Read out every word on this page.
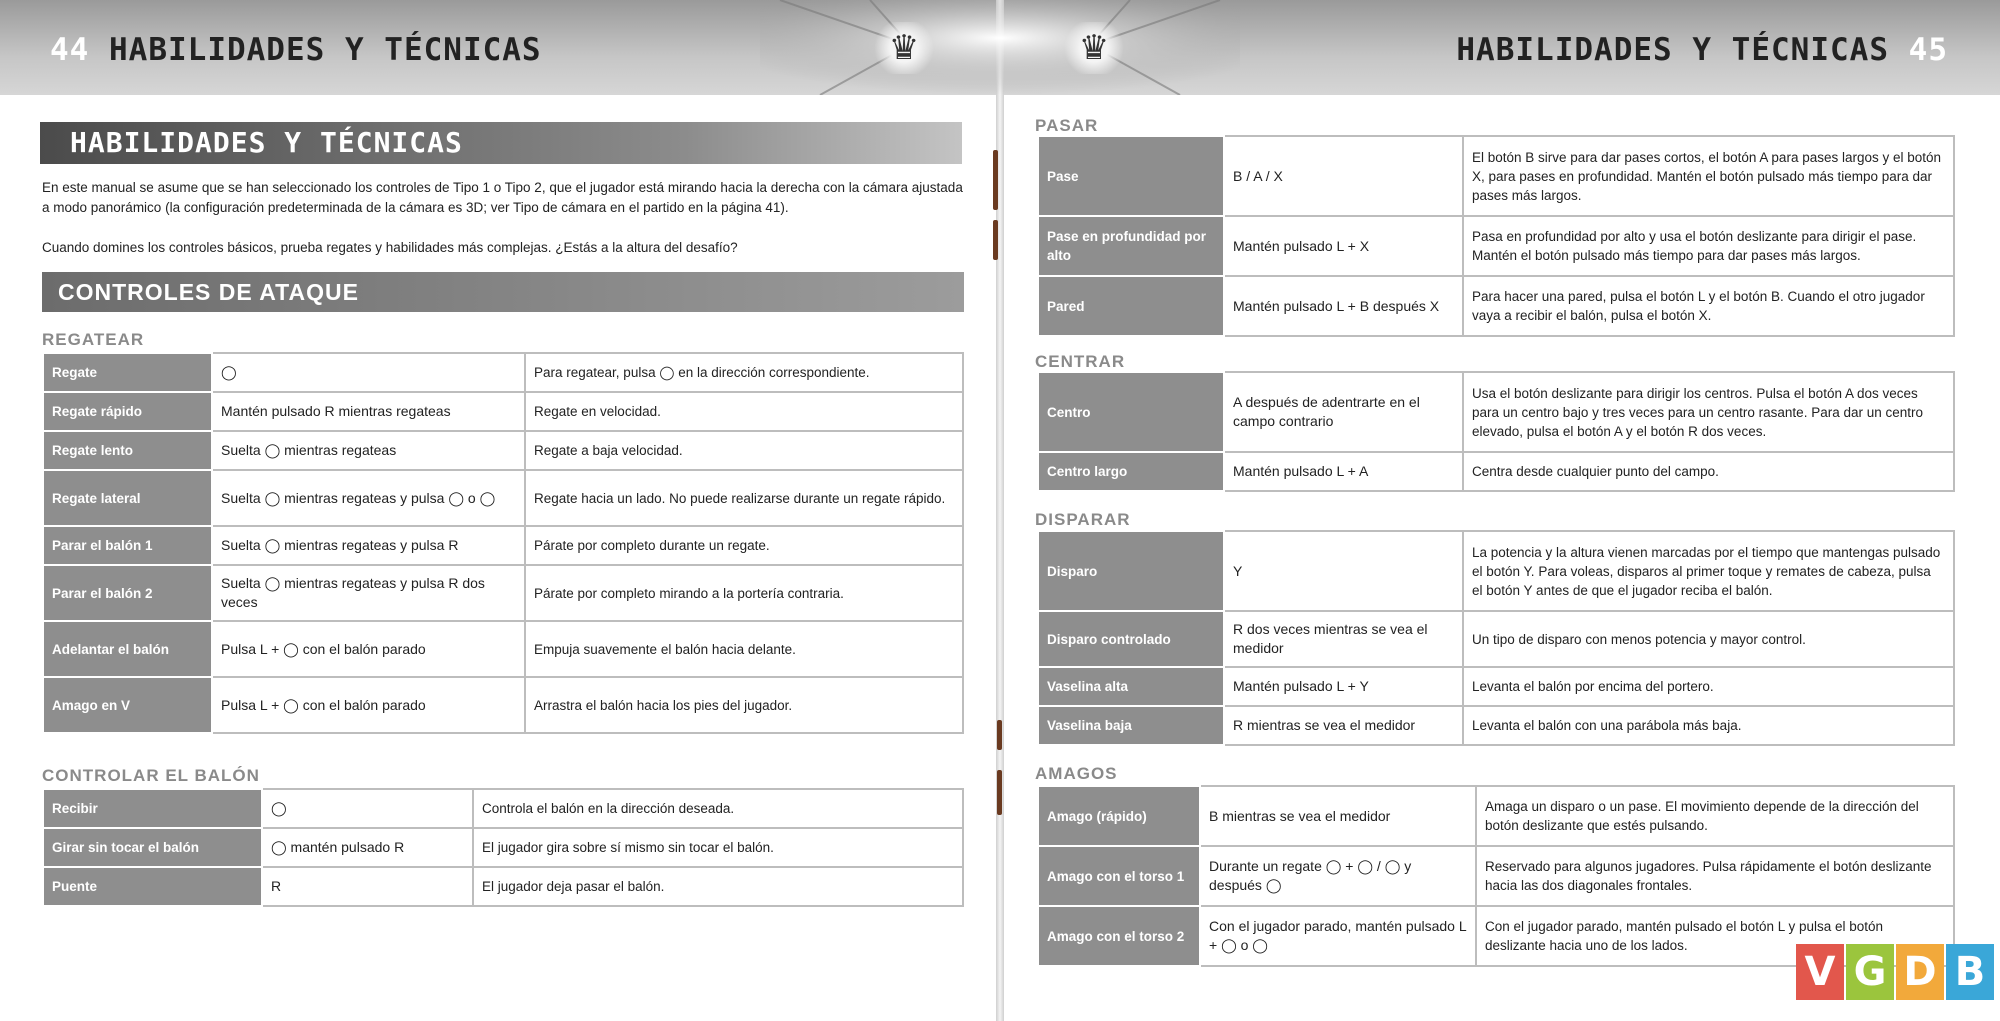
♛	♛
44 HABILIDADES Y TÉCNICAS	HABILIDADES Y TÉCNICAS 45
HABILIDADES Y TÉCNICAS

En este manual se asume que se han seleccionado los controles de Tipo 1 o Tipo 2, que el jugador está mirando hacia la derecha con la cámara ajustada a modo panorámico (la configuración predeterminada de la cámara es 3D; ver Tipo de cámara en el partido en la página 41).

Cuando domines los controles básicos, prueba regates y habilidades más complejas. ¿Estás a la altura del desafío?

CONTROLES DE ATAQUE
REGATEAR
Regate	◯	Para regatear, pulsa ◯ en la dirección correspondiente.
Regate rápido	Mantén pulsado R mientras regateas	Regate en velocidad.
Regate lento	Suelta ◯ mientras regateas	Regate a baja velocidad.
Regate lateral	Suelta ◯ mientras regateas y pulsa ◯ o ◯	Regate hacia un lado. No puede realizarse durante un regate rápido.
Parar el balón 1	Suelta ◯ mientras regateas y pulsa R	Párate por completo durante un regate.
Parar el balón 2	Suelta ◯ mientras regateas y pulsa R dos veces	Párate por completo mirando a la portería contraria.
Adelantar el balón	Pulsa L + ◯ con el balón parado	Empuja suavemente el balón hacia delante.
Amago en V	Pulsa L + ◯ con el balón parado	Arrastra el balón hacia los pies del jugador.
CONTROLAR EL BALÓN
Recibir	◯	Controla el balón en la dirección deseada.
Girar sin tocar el balón	◯ mantén pulsado R	El jugador gira sobre sí mismo sin tocar el balón.
Puente	R	El jugador deja pasar el balón.
PASAR
Pase	B / A / X	El botón B sirve para dar pases cortos, el botón A para pases largos y el botón X, para pases en profundidad. Mantén el botón pulsado más tiempo para dar pases más largos.
Pase en profundidad por alto	Mantén pulsado L + X	Pasa en profundidad por alto y usa el botón deslizante para dirigir el pase. Mantén el botón pulsado más tiempo para dar pases más largos.
Pared	Mantén pulsado L + B después X	Para hacer una pared, pulsa el botón L y el botón B. Cuando el otro jugador vaya a recibir el balón, pulsa el botón X.
CENTRAR
Centro	A después de adentrarte en el campo contrario	Usa el botón deslizante para dirigir los centros. Pulsa el botón A dos veces para un centro bajo y tres veces para un centro rasante. Para dar un centro elevado, pulsa el botón A y el botón R dos veces.
Centro largo	Mantén pulsado L + A	Centra desde cualquier punto del campo.
DISPARAR
Disparo	Y	La potencia y la altura vienen marcadas por el tiempo que mantengas pulsado el botón Y. Para voleas, disparos al primer toque y remates de cabeza, pulsa el botón Y antes de que el jugador reciba el balón.
Disparo controlado	R dos veces mientras se vea el medidor	Un tipo de disparo con menos potencia y mayor control.
Vaselina alta	Mantén pulsado L + Y	Levanta el balón por encima del portero.
Vaselina baja	R mientras se vea el medidor	Levanta el balón con una parábola más baja.
AMAGOS
Amago (rápido)	B mientras se vea el medidor	Amaga un disparo o un pase. El movimiento depende de la dirección del botón deslizante que estés pulsando.
Amago con el torso 1	Durante un regate ◯ + ◯ / ◯ y después ◯	Reservado para algunos jugadores. Pulsa rápidamente el botón deslizante hacia las dos diagonales frontales.
Amago con el torso 2	Con el jugador parado, mantén pulsado L + ◯ o ◯	Con el jugador parado, mantén pulsado el botón L y pulsa el botón deslizante hacia uno de los lados.
V G D B
